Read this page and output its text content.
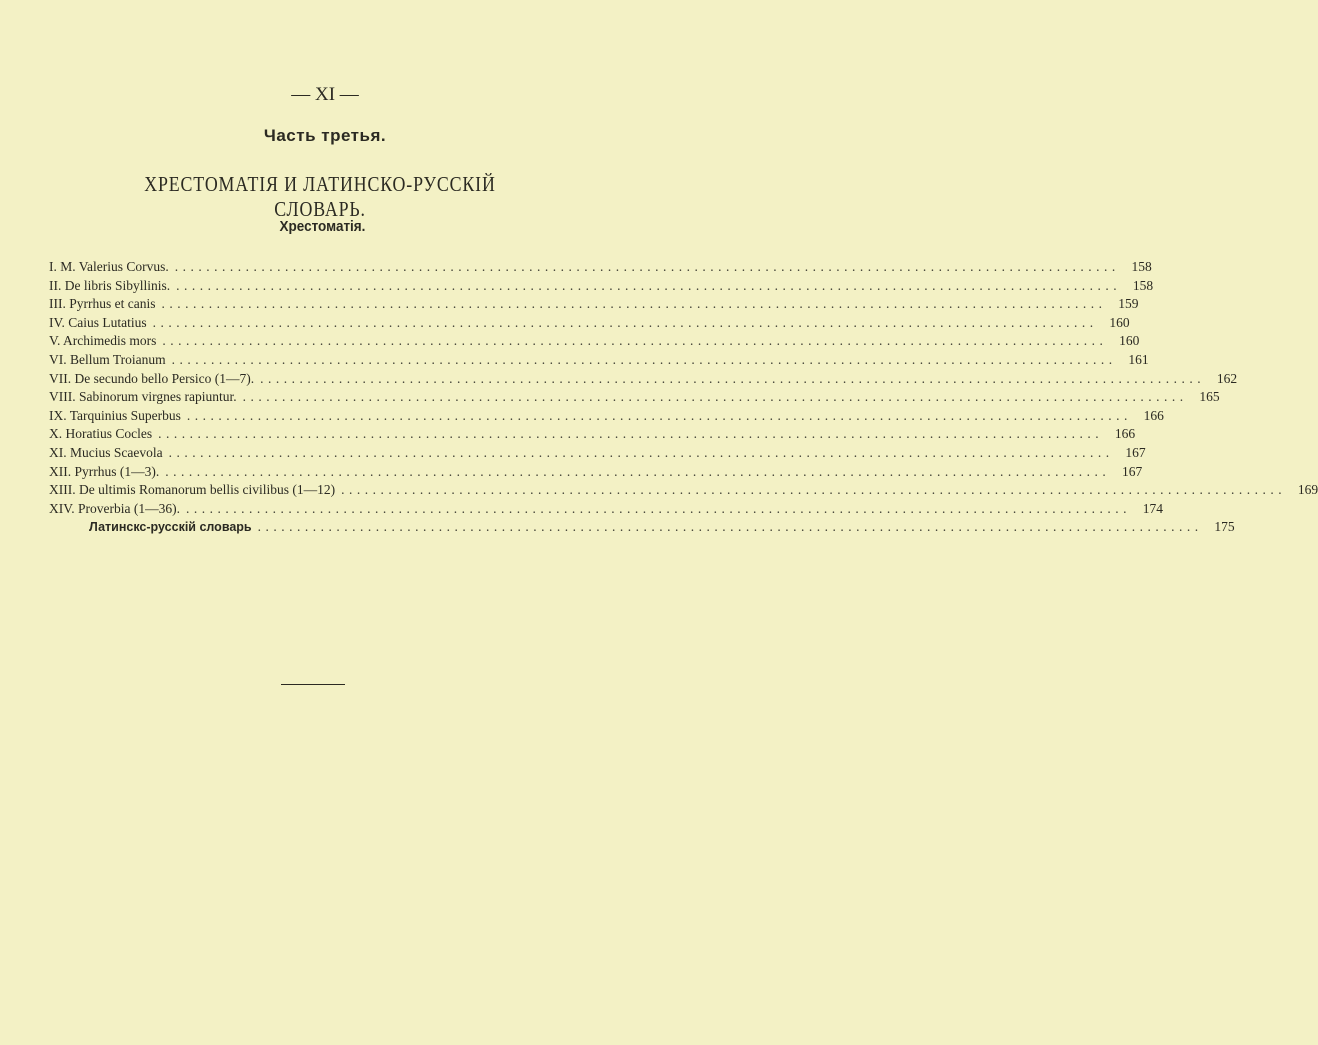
— XI —
Часть третья.
ХРЕСТОМАТІЯ И ЛАТИНСКО-РУССКІЙ СЛОВАРЬ.
Хрестоматія.
I. M. Valerius Corvus. ........................................................................................................................ 158
II. De libris Sibyllinis. ........................................................................................................................ 158
III. Pyrrhus et canis ........................................................................................................................ 159
IV. Caius Lutatius ........................................................................................................................ 160
V. Archimedis mors ........................................................................................................................ 160
VI. Bellum Troianum ........................................................................................................................ 161
VII. De secundo bello Persico (1—7). ........................................................................................................................ 162
VIII. Sabinorum virgnes rapiuntur. ........................................................................................................................ 165
IX. Tarquinius Superbus ........................................................................................................................ 166
X. Horatius Cocles ........................................................................................................................ 166
XI. Mucius Scaevola ........................................................................................................................ 167
XII. Pyrrhus (1—3). ........................................................................................................................ 167
XIII. De ultimis Romanorum bellis civilibus (1—12) ........................................................................................................................ 169
XIV. Proverbia (1—36). ........................................................................................................................ 174
Латинскс-русскій словарь ........................................................................................................................ 175
